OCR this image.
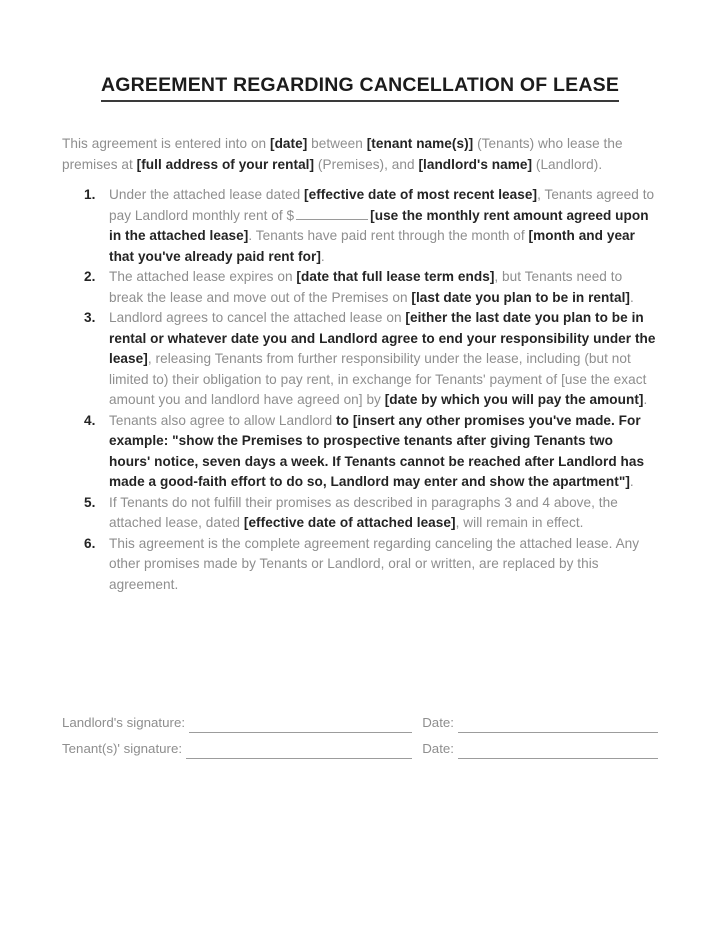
AGREEMENT REGARDING CANCELLATION OF LEASE

This agreement is entered into on [date] between [tenant name(s)] (Tenants) who lease the premises at [full address of your rental] (Premises), and [landlord's name] (Landlord).

Under the attached lease dated [effective date of most recent lease], Tenants agreed to pay Landlord monthly rent of $	[use the monthly rent amount agreed upon in the attached lease]. Tenants have paid rent through the month of [month and year that you've already paid rent for].
The attached lease expires on [date that full lease term ends], but Tenants need to break the lease and move out of the Premises on [last date you plan to be in rental].
Landlord agrees to cancel the attached lease on [either the last date you plan to be in rental or whatever date you and Landlord agree to end your responsibility under the lease], releasing Tenants from further responsibility under the lease, including (but not limited to) their obligation to pay rent, in exchange for Tenants' payment of [use the exact amount you and landlord have agreed on] by [date by which you will pay the amount].
Tenants also agree to allow Landlord to [insert any other promises you've made. For example: "show the Premises to prospective tenants after giving Tenants two hours' notice, seven days a week. If Tenants cannot be reached after Landlord has made a good-faith effort to do so, Landlord may enter and show the apartment"].
If Tenants do not fulfill their promises as described in paragraphs 3 and 4 above, the attached lease, dated [effective date of attached lease], will remain in effect.
This agreement is the complete agreement regarding canceling the attached lease. Any other promises made by Tenants or Landlord, oral or written, are replaced by this agreement.
Landlord's signature:	Date:
Tenant(s)' signature:	Date:
